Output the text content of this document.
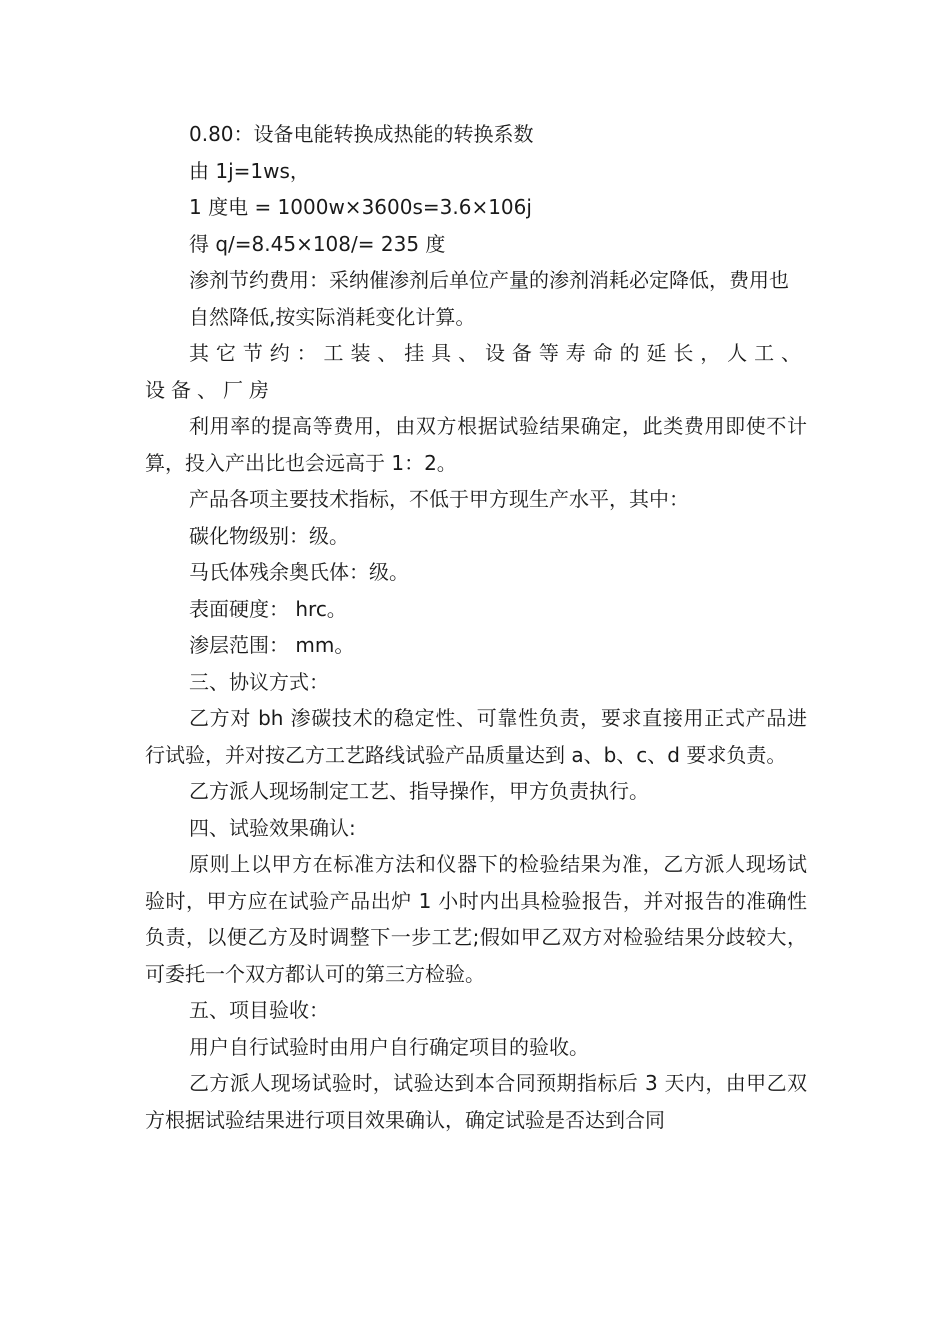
0.80：设备电能转换成热能的转换系数

由 1j=1ws，

1 度电 = 1000w×3600s=3.6×106j

得 q/=8.45×108/= 235 度

渗剂节约费用：采纳催渗剂后单位产量的渗剂消耗必定降低，费用也

自然降低,按实际消耗变化计算。

其它节约：工装、挂具、设备等寿命的延长，人工、设备、厂房

利用率的提高等费用，由双方根据试验结果确定，此类费用即使不计算，投入产出比也会远高于 1：2。

产品各项主要技术指标，不低于甲方现生产水平，其中：

碳化物级别：级。

马氏体残余奥氏体：级。

表面硬度： hrc。

渗层范围： mm。

三、协议方式：

乙方对 bh 渗碳技术的稳定性、可靠性负责，要求直接用正式产品进行试验，并对按乙方工艺路线试验产品质量达到 a、b、c、d 要求负责。

乙方派人现场制定工艺、指导操作，甲方负责执行。

四、试验效果确认:

原则上以甲方在标准方法和仪器下的检验结果为准，乙方派人现场试验时，甲方应在试验产品出炉 1 小时内出具检验报告，并对报告的准确性负责，以便乙方及时调整下一步工艺;假如甲乙双方对检验结果分歧较大，可委托一个双方都认可的第三方检验。

五、项目验收：

用户自行试验时由用户自行确定项目的验收。

乙方派人现场试验时，试验达到本合同预期指标后 3 天内，由甲乙双方根据试验结果进行项目效果确认，确定试验是否达到合同
